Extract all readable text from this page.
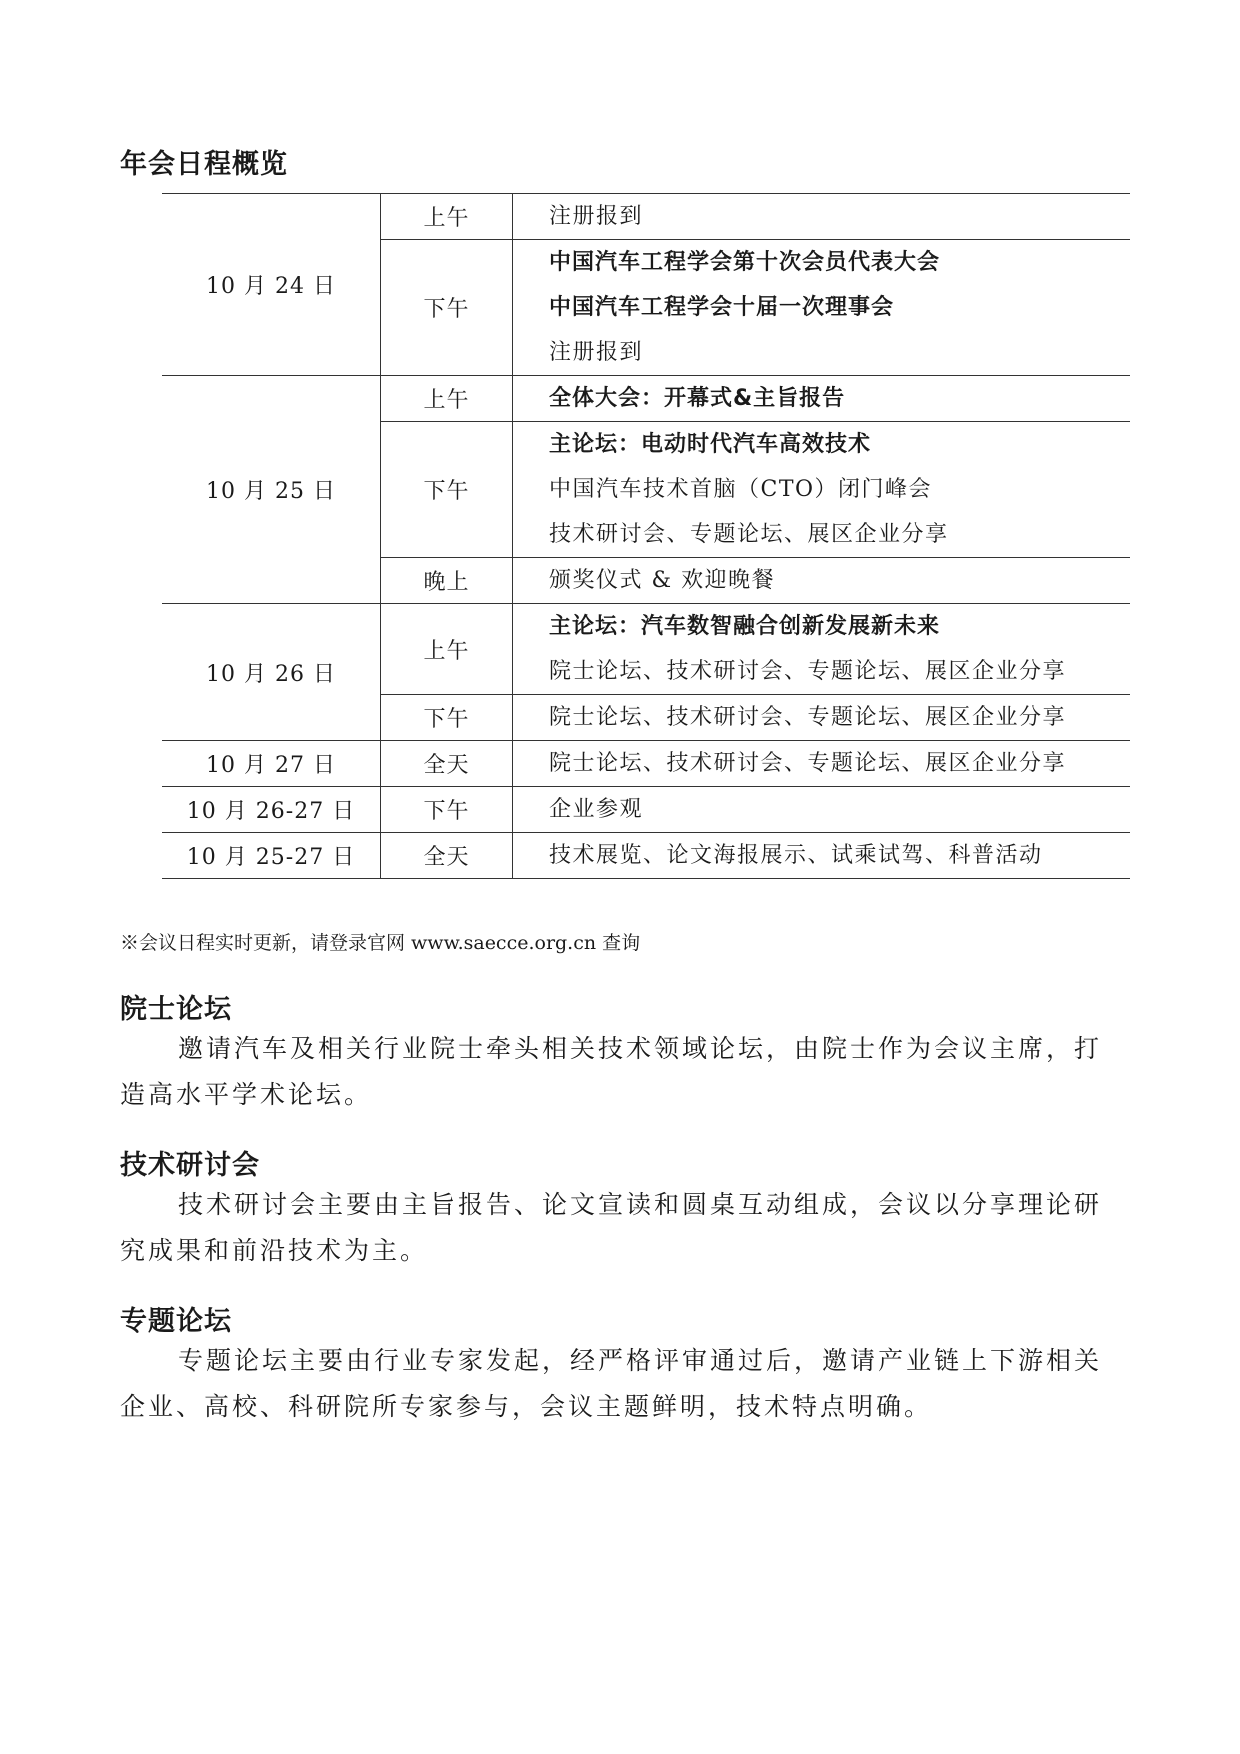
年会日程概览
10 月 24 日	上午	注册报到

	下午	中国汽车工程学会第十次会员代表大会
中国汽车工程学会十届一次理事会
注册报到

10 月 25 日	上午	全体大会：开幕式&主旨报告

	下午	主论坛：电动时代汽车高效技术
中国汽车技术首脑（CTO）闭门峰会
技术研讨会、专题论坛、展区企业分享

	晚上	颁奖仪式 & 欢迎晚餐

10 月 26 日	上午	主论坛：汽车数智融合创新发展新未来
院士论坛、技术研讨会、专题论坛、展区企业分享

	下午	院士论坛、技术研讨会、专题论坛、展区企业分享

10 月 27 日	全天	院士论坛、技术研讨会、专题论坛、展区企业分享

10 月 26-27 日	下午	企业参观

10 月 25-27 日	全天	技术展览、论文海报展示、试乘试驾、科普活动
※会议日程实时更新，请登录官网 www.saecce.org.cn 查询
院士论坛
邀请汽车及相关行业院士牵头相关技术领域论坛，由院士作为会议主席，打造高水平学术论坛。
技术研讨会
技术研讨会主要由主旨报告、论文宣读和圆桌互动组成，会议以分享理论研究成果和前沿技术为主。
专题论坛
专题论坛主要由行业专家发起，经严格评审通过后，邀请产业链上下游相关企业、高校、科研院所专家参与，会议主题鲜明，技术特点明确。
